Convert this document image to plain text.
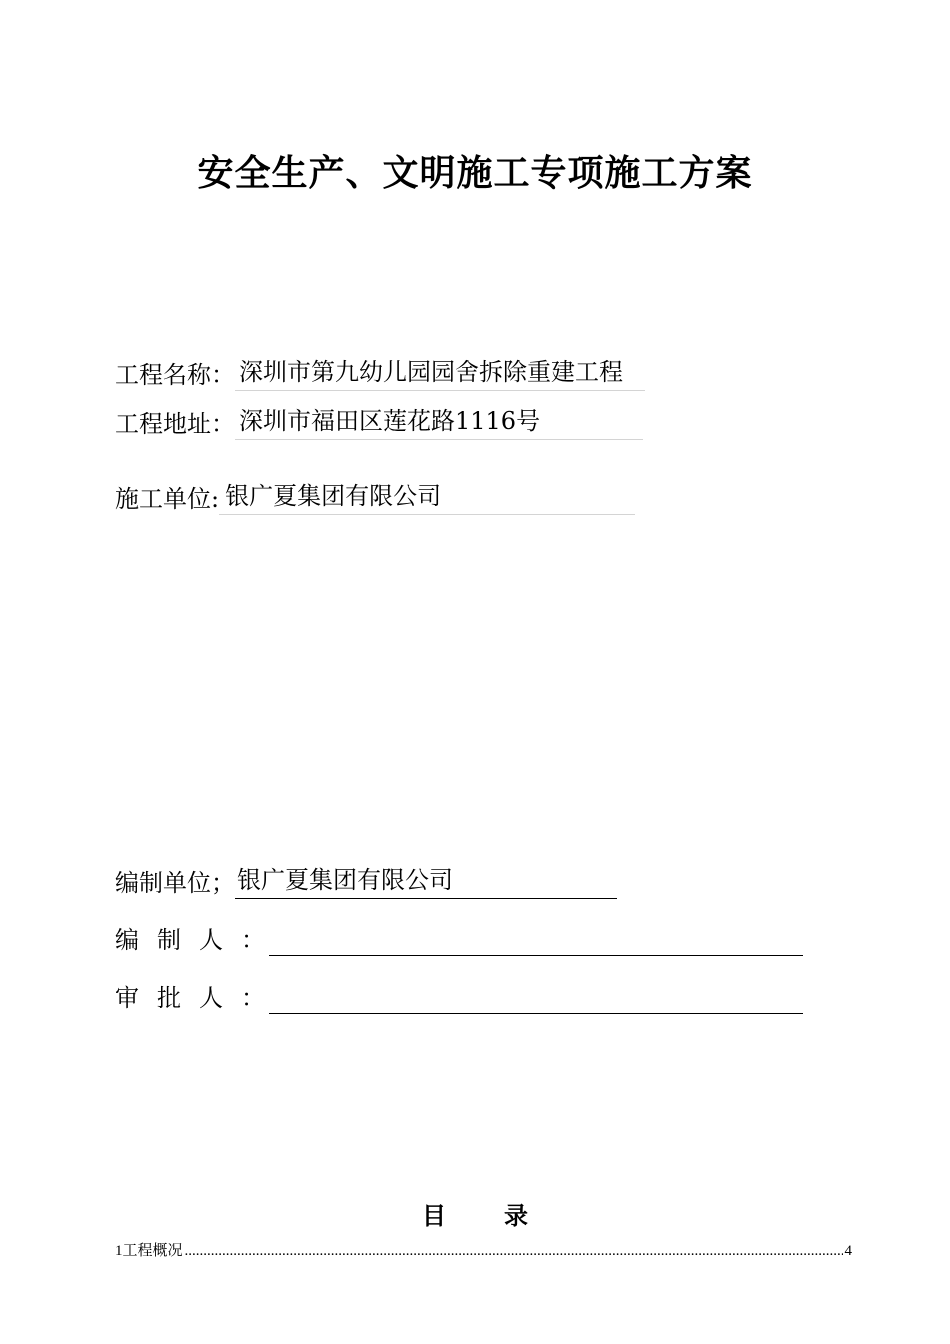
安全生产、文明施工专项施工方案
工程名称： 深圳市第九幼儿园园舍拆除重建工程
工程地址： 深圳市福田区莲花路1116号
施工单位: 银广夏集团有限公司
编制单位； 银广夏集团有限公司
编制人：
审批人：
目 录
1 工程概况
.....	4
